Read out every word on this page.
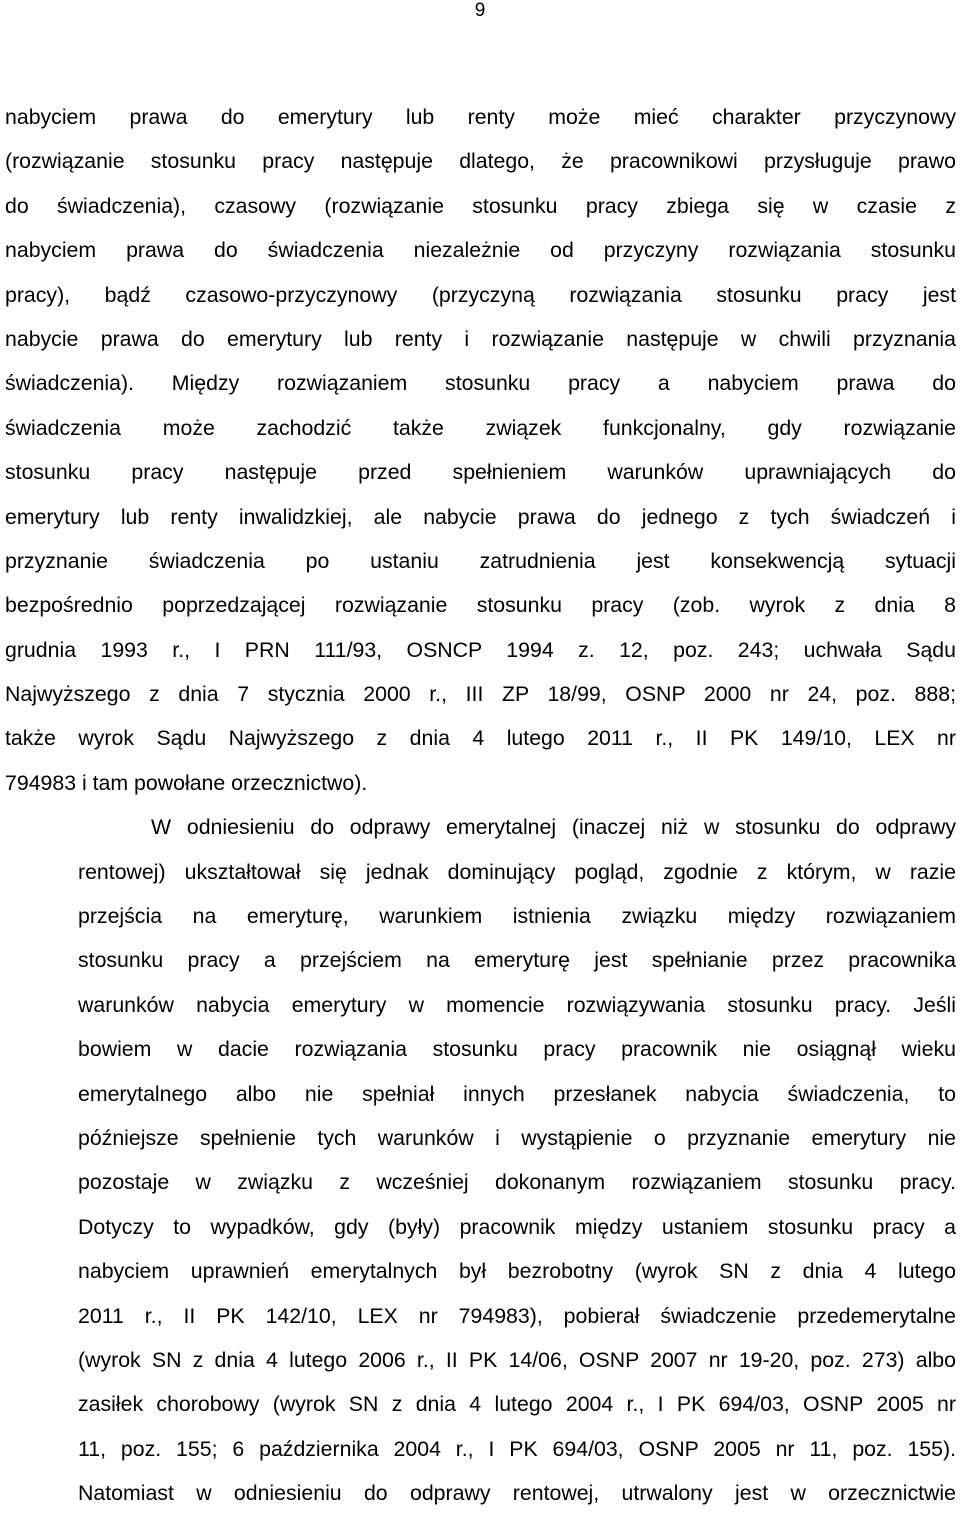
9
nabyciem prawa do emerytury lub renty może mieć charakter przyczynowy
(rozwiązanie stosunku pracy następuje dlatego, że pracownikowi przysługuje prawo
do świadczenia), czasowy (rozwiązanie stosunku pracy zbiega się w czasie z
nabyciem prawa do świadczenia niezależnie od przyczyny rozwiązania stosunku
pracy), bądź czasowo-przyczynowy (przyczyną rozwiązania stosunku pracy jest
nabycie prawa do emerytury lub renty i rozwiązanie następuje w chwili przyznania
świadczenia). Między rozwiązaniem stosunku pracy a nabyciem prawa do
świadczenia może zachodzić także związek funkcjonalny, gdy rozwiązanie
stosunku pracy następuje przed spełnieniem warunków uprawniających do
emerytury lub renty inwalidzkiej, ale nabycie prawa do jednego z tych świadczeń i
przyznanie świadczenia po ustaniu zatrudnienia jest konsekwencją sytuacji
bezpośrednio poprzedzającej rozwiązanie stosunku pracy (zob. wyrok z dnia 8
grudnia 1993 r., I PRN 111/93, OSNCP 1994 z. 12, poz. 243; uchwała Sądu
Najwyższego z dnia 7 stycznia 2000 r., III ZP 18/99, OSNP 2000 nr 24, poz. 888;
także wyrok Sądu Najwyższego z dnia 4 lutego 2011 r., II PK 149/10, LEX nr
794983 i tam powołane orzecznictwo).
W odniesieniu do odprawy emerytalnej (inaczej niż w stosunku do odprawy
rentowej) ukształtował się jednak dominujący pogląd, zgodnie z którym, w razie
przejścia na emeryturę, warunkiem istnienia związku między rozwiązaniem
stosunku pracy a przejściem na emeryturę jest spełnianie przez pracownika
warunków nabycia emerytury w momencie rozwiązywania stosunku pracy. Jeśli
bowiem w dacie rozwiązania stosunku pracy pracownik nie osiągnął wieku
emerytalnego albo nie spełniał innych przesłanek nabycia świadczenia, to
późniejsze spełnienie tych warunków i wystąpienie o przyznanie emerytury nie
pozostaje w związku z wcześniej dokonanym rozwiązaniem stosunku pracy.
Dotyczy to wypadków, gdy (były) pracownik między ustaniem stosunku pracy a
nabyciem uprawnień emerytalnych był bezrobotny (wyrok SN z dnia 4 lutego
2011 r., II PK 142/10, LEX nr 794983), pobierał świadczenie przedemerytalne
(wyrok SN z dnia 4 lutego 2006 r., II PK 14/06, OSNP 2007 nr 19-20, poz. 273) albo
zasiłek chorobowy (wyrok SN z dnia 4 lutego 2004 r., I PK 694/03, OSNP 2005 nr
11, poz. 155; 6 października 2004 r., I PK 694/03, OSNP 2005 nr 11, poz. 155).
Natomiast w odniesieniu do odprawy rentowej, utrwalony jest w orzecznictwie
